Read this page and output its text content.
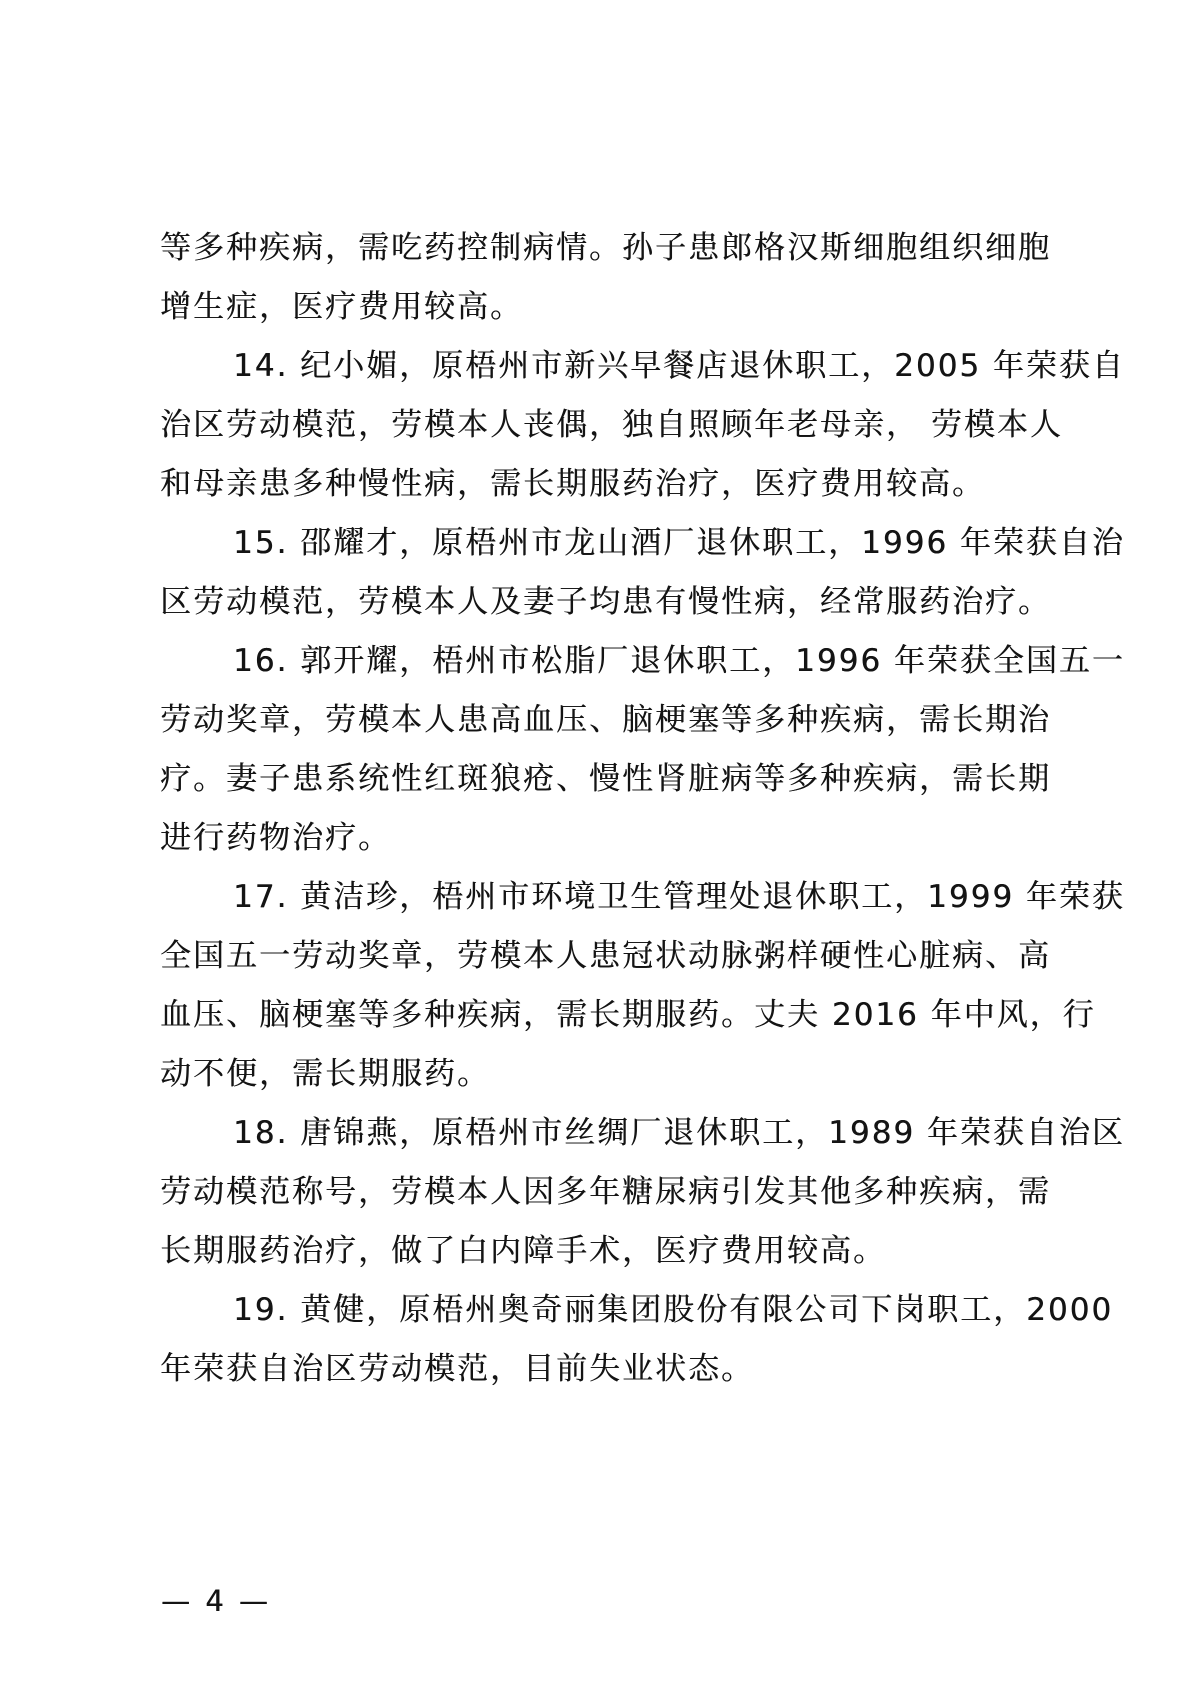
等多种疾病，需吃药控制病情。孙子患郎格汉斯细胞组织细胞
增生症，医疗费用较高。
14. 纪小媚，原梧州市新兴早餐店退休职工，2005 年荣获自
治区劳动模范，劳模本人丧偶，独自照顾年老母亲， 劳模本人
和母亲患多种慢性病，需长期服药治疗，医疗费用较高。
15. 邵耀才，原梧州市龙山酒厂退休职工，1996 年荣获自治
区劳动模范，劳模本人及妻子均患有慢性病，经常服药治疗。
16. 郭开耀，梧州市松脂厂退休职工，1996 年荣获全国五一
劳动奖章，劳模本人患高血压、脑梗塞等多种疾病，需长期治
疗。妻子患系统性红斑狼疮、慢性肾脏病等多种疾病，需长期
进行药物治疗。
17. 黄洁珍，梧州市环境卫生管理处退休职工，1999 年荣获
全国五一劳动奖章，劳模本人患冠状动脉粥样硬性心脏病、高
血压、脑梗塞等多种疾病，需长期服药。丈夫 2016 年中风，行
动不便，需长期服药。
18. 唐锦燕，原梧州市丝绸厂退休职工，1989 年荣获自治区
劳动模范称号，劳模本人因多年糖尿病引发其他多种疾病，需
长期服药治疗，做了白内障手术，医疗费用较高。
19. 黄健，原梧州奥奇丽集团股份有限公司下岗职工，2000
年荣获自治区劳动模范，目前失业状态。
— 4 —
